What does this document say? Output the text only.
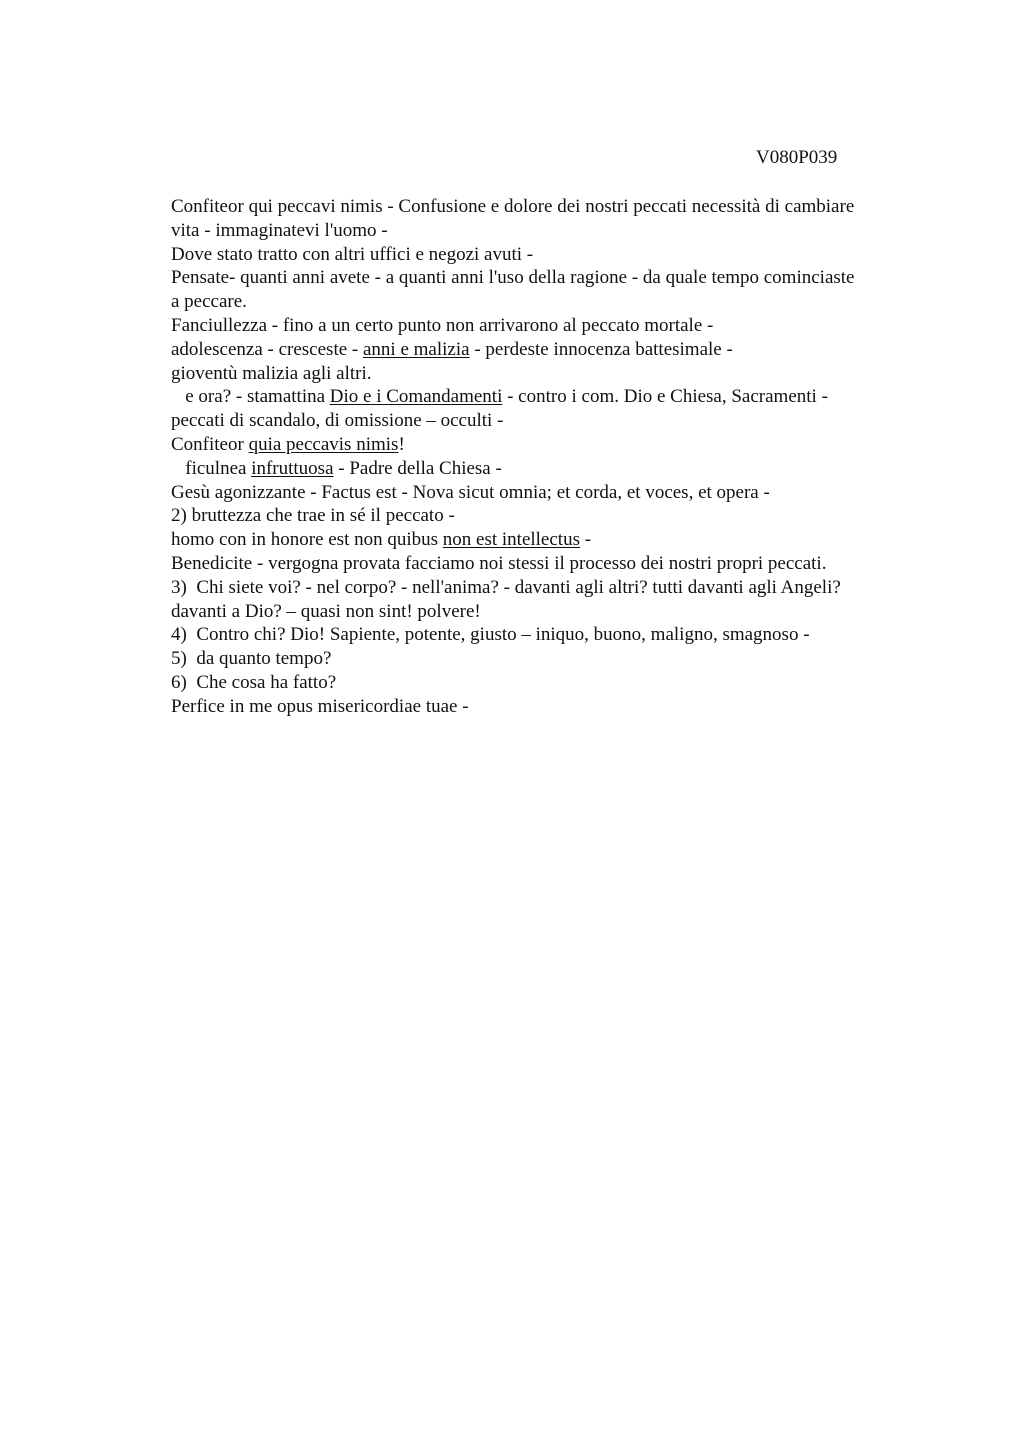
V080P039
Confiteor qui peccavi nimis - Confusione e dolore dei nostri peccati necessità di cambiare
vita - immaginatevi l'uomo -
Dove stato tratto con altri uffici e negozi avuti -
Pensate- quanti anni avete - a quanti anni l'uso della ragione - da quale tempo cominciaste
a peccare.
Fanciullezza - fino a un certo punto non arrivarono al peccato mortale -
adolescenza - cresceste - anni e malizia - perdeste innocenza battesimale -
gioventù malizia agli altri.
e ora? - stamattina Dio e i Comandamenti - contro i com. Dio e Chiesa, Sacramenti -
peccati di scandalo, di omissione – occulti -
Confiteor quia peccavis nimis!
ficulnea infruttuosa - Padre della Chiesa -
Gesù agonizzante - Factus est - Nova sicut omnia; et corda, et voces, et opera -
2) bruttezza che trae in sé il peccato -
homo con in honore est non quibus non est intellectus -
Benedicite - vergogna provata facciamo noi stessi il processo dei nostri propri peccati.
3)  Chi siete voi? - nel corpo? - nell'anima? - davanti agli altri? tutti davanti agli Angeli?
davanti a Dio? – quasi non sint! polvere!
4)  Contro chi? Dio! Sapiente, potente, giusto – iniquo, buono, maligno, smagnoso -
5)  da quanto tempo?
6)  Che cosa ha fatto?
Perfice in me opus misericordiae tuae -
